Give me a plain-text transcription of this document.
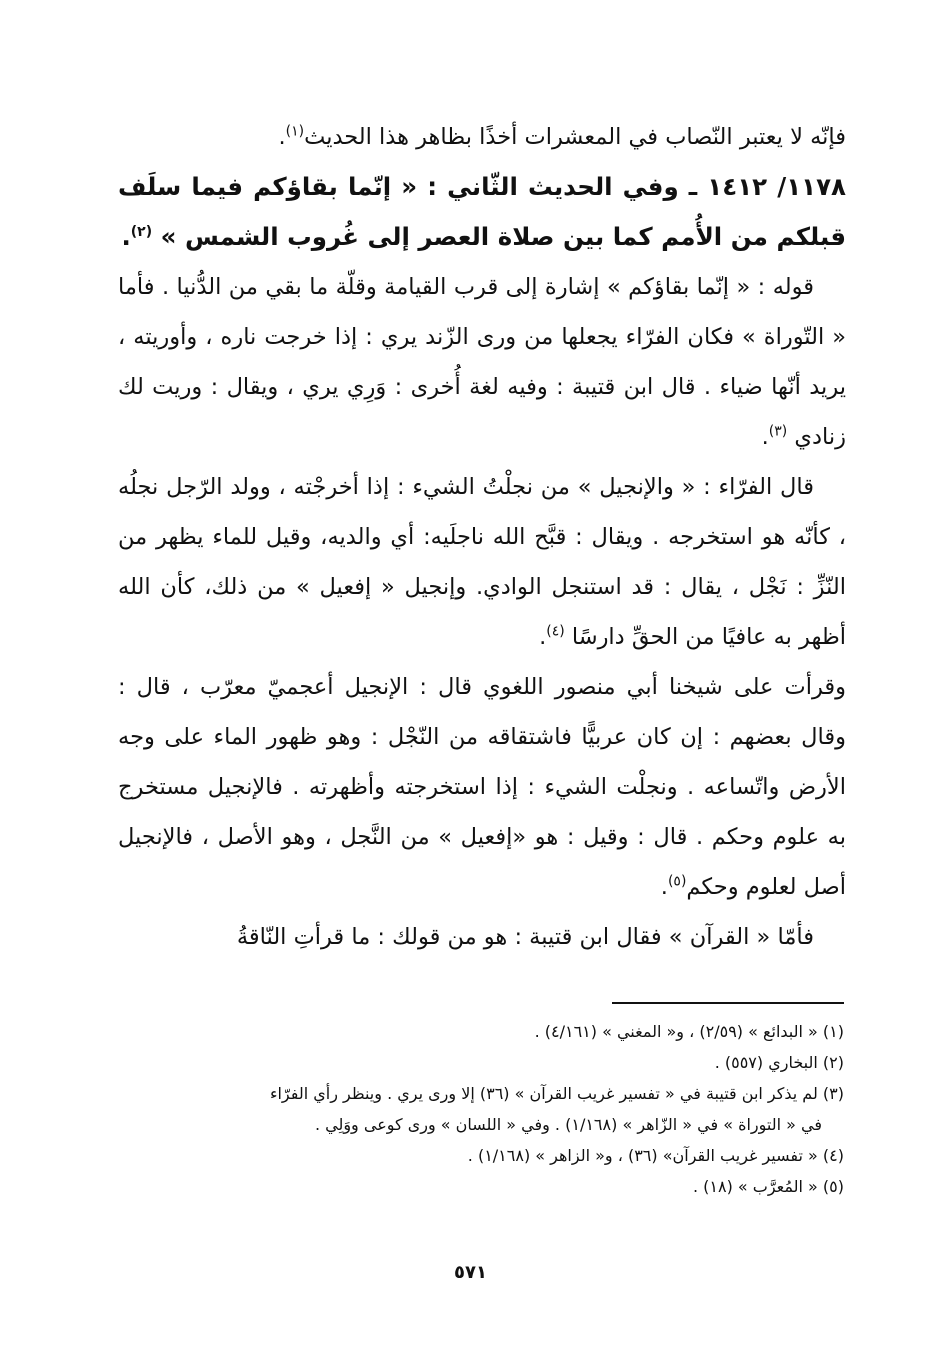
فإنّه لا يعتبر النّصاب في المعشرات أخذًا بظاهر هذا الحديث$^{(١)}$.

١١٧٨/ ١٤١٢ ـ وفي الحديث الثّاني : « إنّما بقاؤكم فيما سلَف قبلكم من الأُمم كما بين صلاة العصر إلى غُروب الشمس » $^{(٢)}$.

قوله : « إنّما بقاؤكم » إشارة إلى قرب القيامة وقلّة ما بقي من الدُّنيا . فأما « التّوراة » فكان الفرّاء يجعلها من ورى الزّند يري : إذا خرجت ناره ، وأوريته ، يريد أنّها ضياء . قال ابن قتيبة : وفيه لغة أُخرى : وَرِي يري ، ويقال : وريت لك زنادي $^{(٣)}$.

قال الفرّاء : « والإنجيل » من نجلْتُ الشيء : إذا أخرجْته ، وولد الرّجل نجلُه ، كأنّه هو استخرجه . ويقال : قبَّح الله ناجلَيه: أي والديه، وقيل للماء يظهر من النّزِّ : نَجْل ، يقال : قد استنجل الوادي. وإنجيل « إفعيل » من ذلك، كأن الله أظهر به عافيًا من الحقِّ دارسًا $^{(٤)}$.

وقرأت على شيخنا أبي منصور اللغوي قال : الإنجيل أعجميّ معرّب ، قال : وقال بعضهم : إن كان عربيًّا فاشتقاقه من النّجْل : وهو ظهور الماء على وجه الأرض واتّساعه . ونجلْت الشيء : إذا استخرجته وأظهرته . فالإنجيل مستخرج به علوم وحكم . قال : وقيل : هو «إفعيل » من النَّجل ، وهو الأصل ، فالإنجيل أصل لعلوم وحكم$^{(٥)}$.

فأمّا « القرآن » فقال ابن قتيبة : هو من قولك : ما قرأتِ النّاقةُ

(١) « البدائع » (٢/٥٩) ، و« المغني » (٤/١٦١) .

(٢) البخاري (٥٥٧) .

(٣) لم يذكر ابن قتيبة في « تفسير غريب القرآن » (٣٦) إلا ورى يري . وينظر رأي الفرّاء

في « التوراة » في « الزّاهر » (١/١٦٨) . وفي « اللسان » ورى كوعى ووَلِي .

(٤) « تفسير غريب القرآن» (٣٦) ، و« الزاهر » (١/١٦٨) .

(٥) « المُعرَّب » (١٨) .

٥٧١
